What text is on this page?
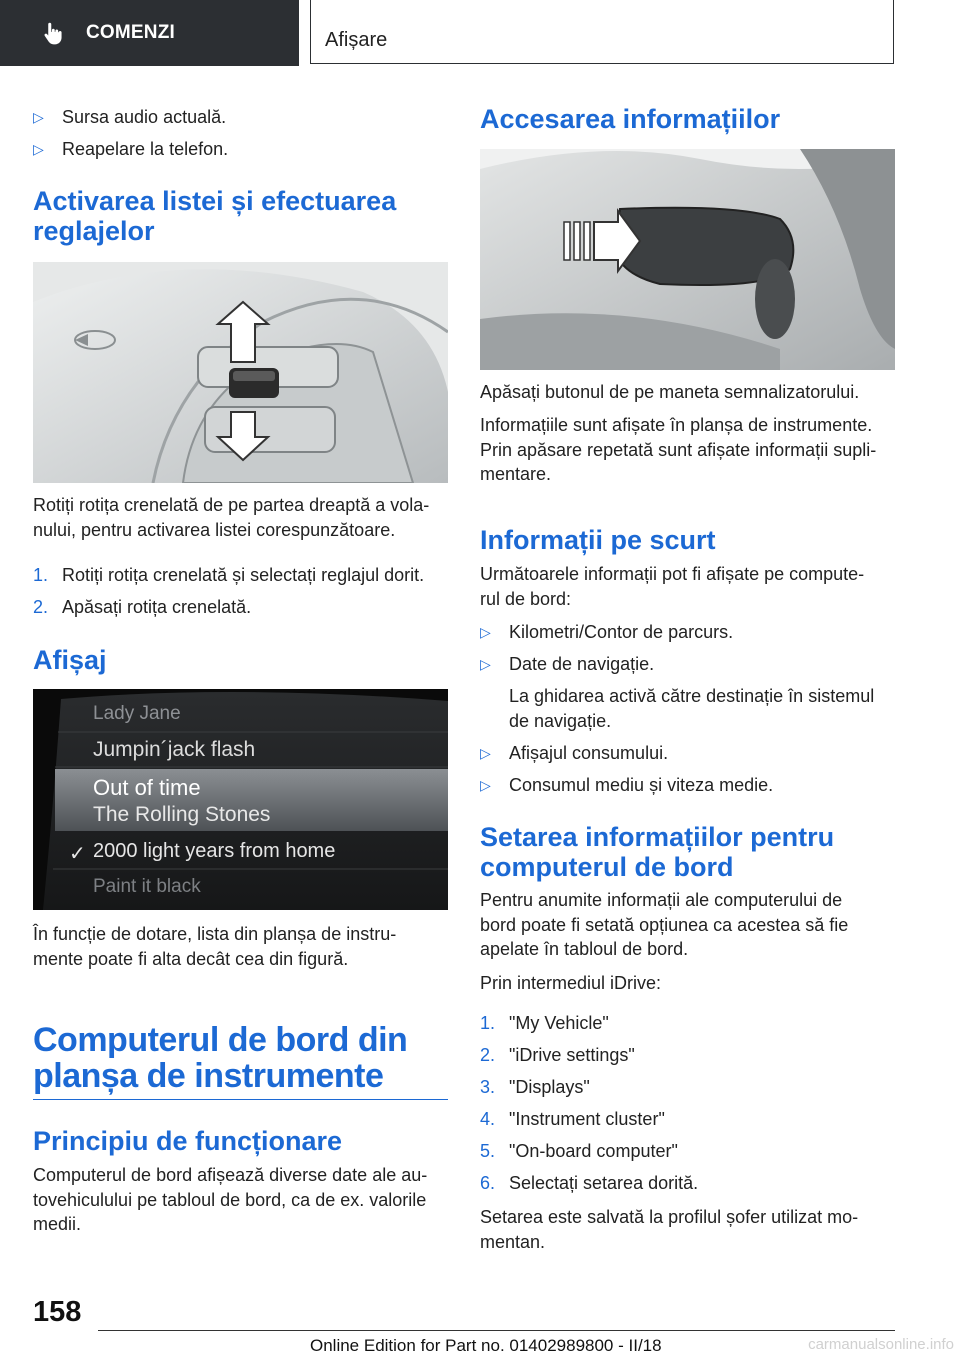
COMENZI	Afișare
▷ Sursa audio actuală.
▷ Reapelare la telefon.
Activarea listei și efectuarea
reglajelor
Rotiți rotița crenelată de pe partea dreaptă a vola‐
nului, pentru activarea listei corespunzătoare.
1. Rotiți rotița crenelată și selectați reglajul dorit.
2. Apăsați rotița crenelată.
Afișaj
Lady Jane
Jumpin´jack flash
Out of time
The Rolling Stones
✓ 2000 light years from home
Paint it black
În funcție de dotare, lista din planșa de instru‐
mente poate fi alta decât cea din figură.
Computerul de bord din
planșa de instrumente
Principiu de funcționare
Computerul de bord afișează diverse date ale au‐
tovehiculului pe tabloul de bord, ca de ex. valorile
medii.
Accesarea informațiilor
Apăsați butonul de pe maneta semnalizatorului.
Informațiile sunt afișate în planșa de instrumente.
Prin apăsare repetată sunt afișate informații supli‐
mentare.
Informații pe scurt
Următoarele informații pot fi afișate pe compute‐
rul de bord:
▷ Kilometri/Contor de parcurs.
▷ Date de navigație.
La ghidarea activă către destinație în sistemul
de navigație.
▷ Afișajul consumului.
▷ Consumul mediu și viteza medie.
Setarea informațiilor pentru
computerul de bord
Pentru anumite informații ale computerului de
bord poate fi setată opțiunea ca acestea să fie
apelate în tabloul de bord.
Prin intermediul iDrive:
1. "My Vehicle"
2. "iDrive settings"
3. "Displays"
4. "Instrument cluster"
5. "On-board computer"
6. Selectați setarea dorită.
Setarea este salvată la profilul șofer utilizat mo‐
mentan.
158
Online Edition for Part no. 01402989800 - II/18	carmanualsonline.info
